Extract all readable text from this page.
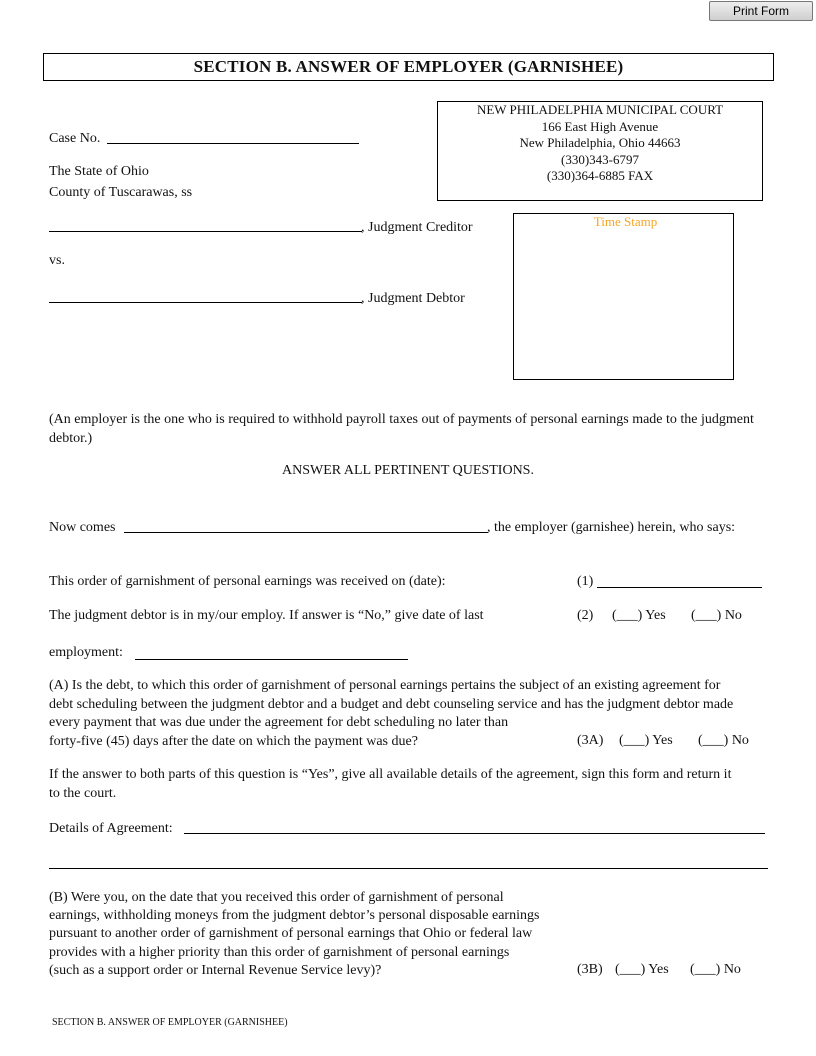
Print Form
SECTION B. ANSWER OF EMPLOYER (GARNISHEE)
NEW PHILADELPHIA MUNICIPAL COURT
166 East High Avenue
New Philadelphia, Ohio 44663
(330)343-6797
(330)364-6885 FAX
Case No.
The State of Ohio
County of Tuscarawas, ss
, Judgment Creditor
vs.
, Judgment Debtor
Time Stamp
(An employer is the one who is required to withhold payroll taxes out of payments of personal earnings made to the judgment debtor.)
ANSWER ALL PERTINENT QUESTIONS.
Now comes	, the employer (garnishee) herein, who says:
This order of garnishment of personal earnings was received on (date):	(1)
The judgment debtor is in my/our employ. If answer is “No,” give date of last	(2) (___) Yes (___) No
employment:
(A) Is the debt, to which this order of garnishment of personal earnings pertains the subject of an existing agreement for
debt scheduling between the judgment debtor and a budget and debt counseling service and has the judgment debtor made
every payment that was due under the agreement for debt scheduling no later than
forty-five (45) days after the date on which the payment was due?	(3A) (___) Yes (___) No
If the answer to both parts of this question is “Yes”, give all available details of the agreement, sign this form and return it
to the court.
Details of Agreement:
(B) Were you, on the date that you received this order of garnishment of personal
earnings, withholding moneys from the judgment debtor’s personal disposable earnings
pursuant to another order of garnishment of personal earnings that Ohio or federal law
provides with a higher priority than this order of garnishment of personal earnings
(such as a support order or Internal Revenue Service levy)?	(3B) (___) Yes (___) No
SECTION B. ANSWER OF EMPLOYER (GARNISHEE)
